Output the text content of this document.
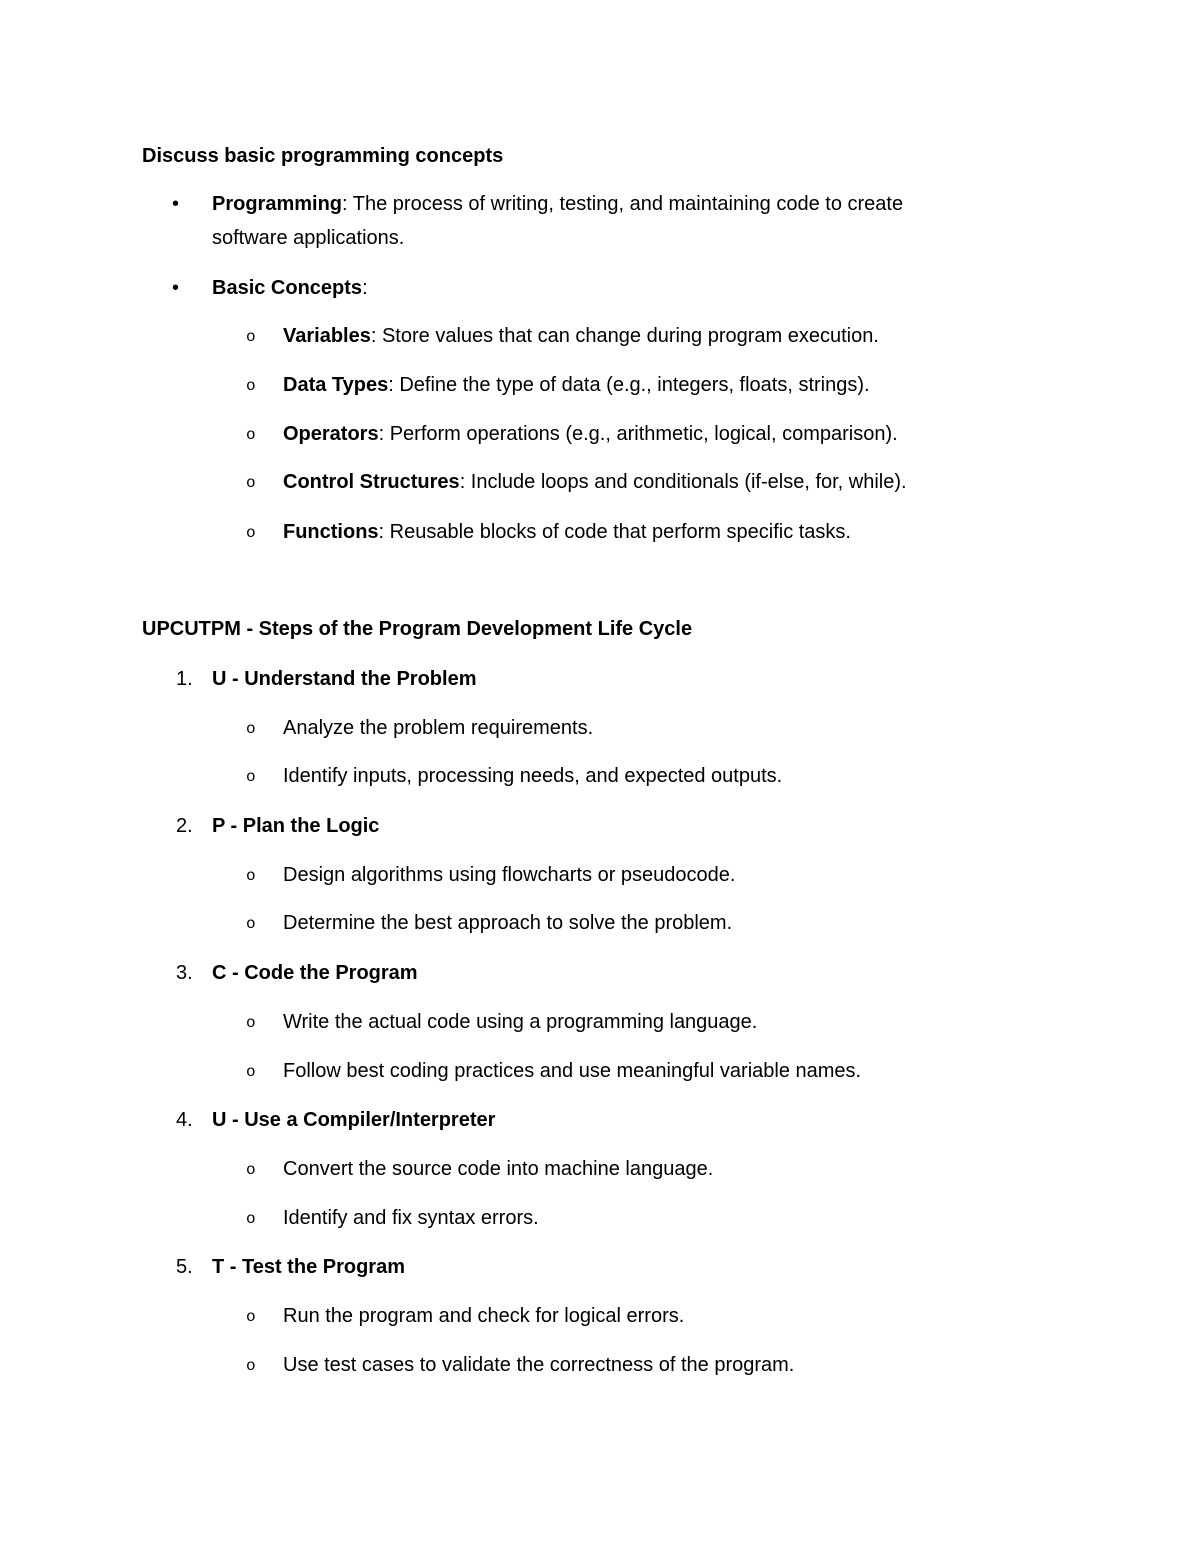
Discuss basic programming concepts
• Programming: The process of writing, testing, and maintaining code to create
software applications.
• Basic Concepts:
o Variables: Store values that can change during program execution.
o Data Types: Define the type of data (e.g., integers, floats, strings).
o Operators: Perform operations (e.g., arithmetic, logical, comparison).
o Control Structures: Include loops and conditionals (if-else, for, while).
o Functions: Reusable blocks of code that perform specific tasks.
UPCUTPM - Steps of the Program Development Life Cycle
1. U - Understand the Problem
o Analyze the problem requirements.
o Identify inputs, processing needs, and expected outputs.
2. P - Plan the Logic
o Design algorithms using flowcharts or pseudocode.
o Determine the best approach to solve the problem.
3. C - Code the Program
o Write the actual code using a programming language.
o Follow best coding practices and use meaningful variable names.
4. U - Use a Compiler/Interpreter
o Convert the source code into machine language.
o Identify and fix syntax errors.
5. T - Test the Program
o Run the program and check for logical errors.
o Use test cases to validate the correctness of the program.
